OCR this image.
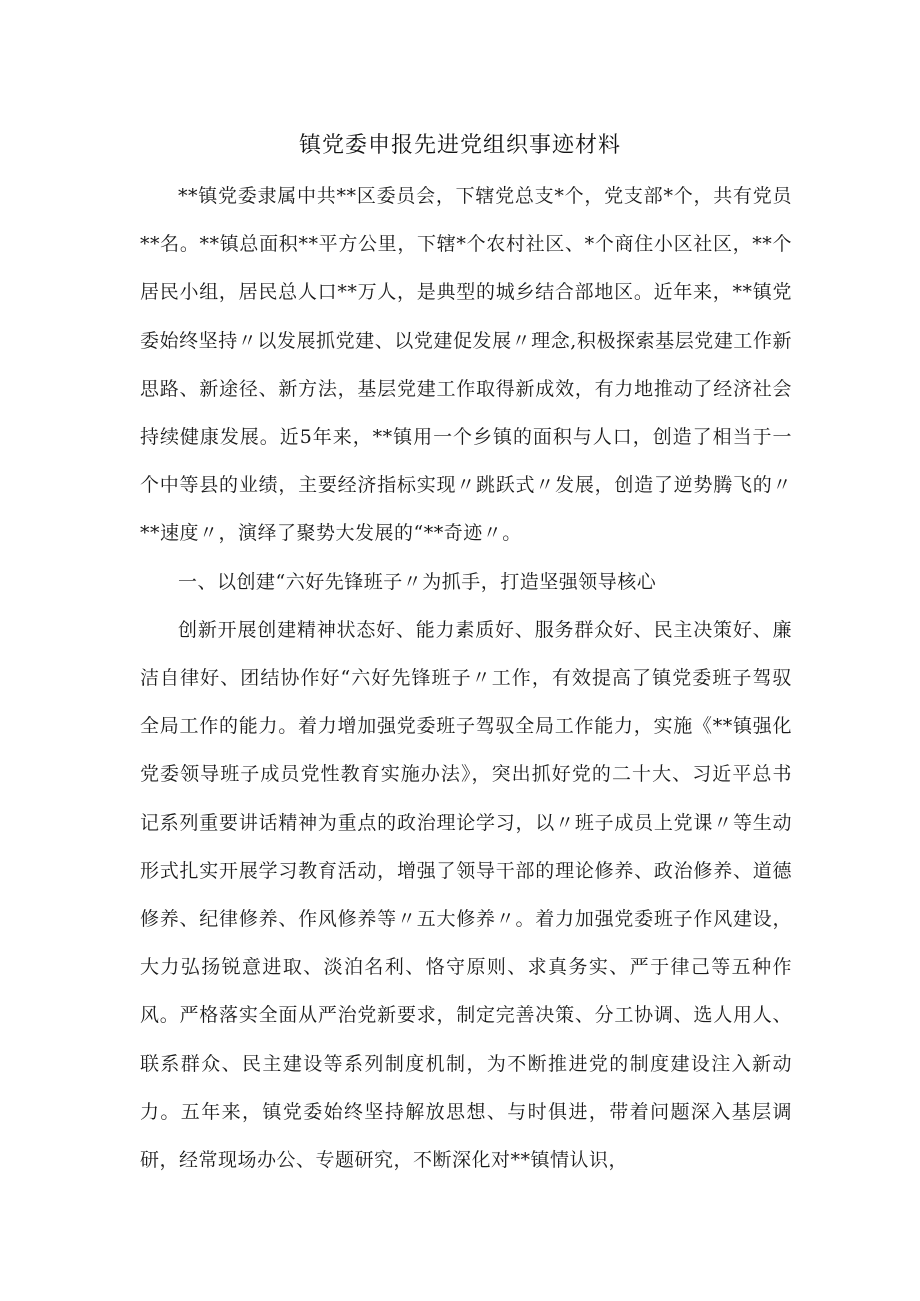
镇党委申报先进党组织事迹材料

**镇党委隶属中共**区委员会，下辖党总支*个，党支部*个，共有党员**名。**镇总面积**平方公里，下辖*个农村社区、*个商住小区社区，**个居民小组，居民总人口**万人，是典型的城乡结合部地区。近年来，**镇党委始终坚持〃以发展抓党建、以党建促发展〃理念,积极探索基层党建工作新思路、新途径、新方法，基层党建工作取得新成效，有力地推动了经济社会持续健康发展。近5年来，**镇用一个乡镇的面积与人口，创造了相当于一个中等县的业绩，主要经济指标实现〃跳跃式〃发展，创造了逆势腾飞的〃**速度〃，演绎了聚势大发展的“**奇迹〃。

一、以创建“六好先锋班子〃为抓手，打造坚强领导核心

创新开展创建精神状态好、能力素质好、服务群众好、民主决策好、廉洁自律好、团结协作好“六好先锋班子〃工作，有效提高了镇党委班子驾驭全局工作的能力。着力增加强党委班子驾驭全局工作能力，实施《**镇强化党委领导班子成员党性教育实施办法》，突出抓好党的二十大、习近平总书记系列重要讲话精神为重点的政治理论学习，以〃班子成员上党课〃等生动形式扎实开展学习教育活动，增强了领导干部的理论修养、政治修养、道德修养、纪律修养、作风修养等〃五大修养〃。着力加强党委班子作风建设，大力弘扬锐意进取、淡泊名利、恪守原则、求真务实、严于律己等五种作风。严格落实全面从严治党新要求，制定完善决策、分工协调、选人用人、联系群众、民主建设等系列制度机制，为不断推进党的制度建设注入新动力。五年来，镇党委始终坚持解放思想、与时俱进，带着问题深入基层调研，经常现场办公、专题研究，不断深化对**镇情认识，
